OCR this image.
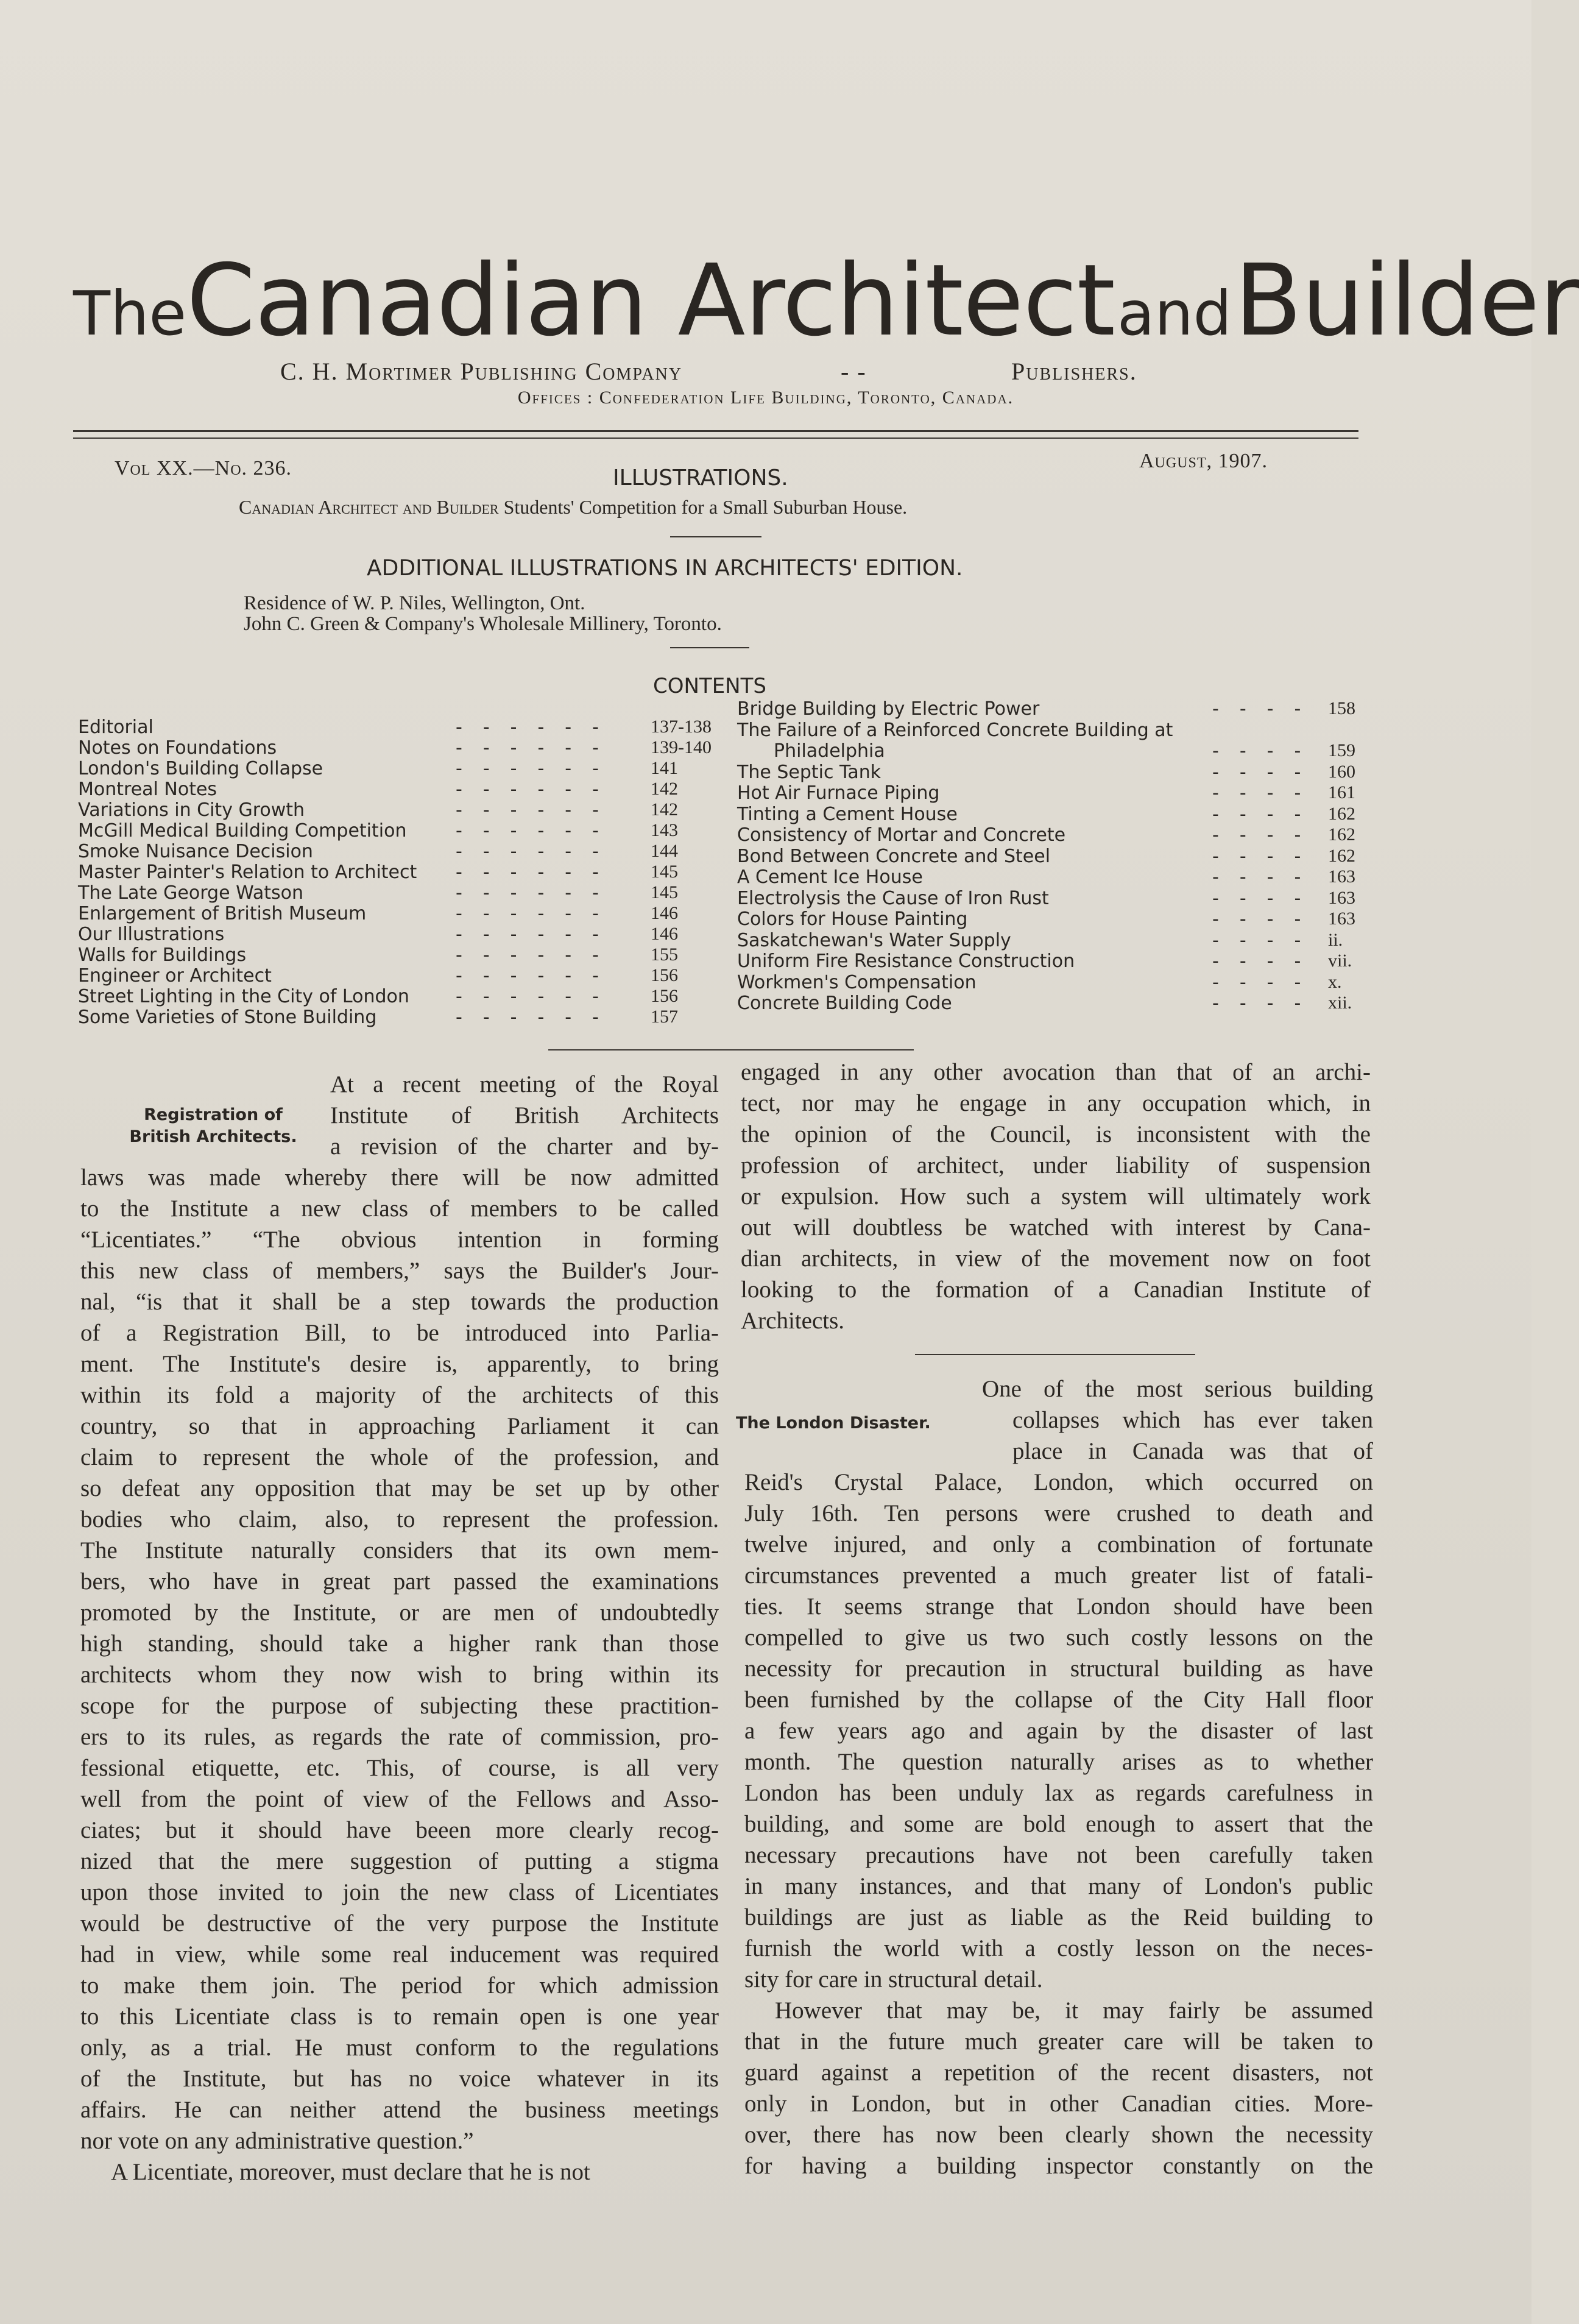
TheCanadian Architect and Builder
C. H. Mortimer Publishing Company	- -	Publishers.
Offices : Confederation Life Building, Toronto, Canada.
Vol XX.—No. 236.	August, 1907.
ILLUSTRATIONS.
Canadian Architect and Builder Students' Competition for a Small Suburban House.
ADDITIONAL ILLUSTRATIONS IN ARCHITECTS' EDITION.
Residence of W. P. Niles, Wellington, Ont.
John C. Green & Company's Wholesale Millinery, Toronto.
CONTENTS
Editorial	------ 137-138
Notes on Foundations	------ 139-140
London's Building Collapse	------ 141
Montreal Notes	------ 142
Variations in City Growth	------ 142
McGill Medical Building Competition	------ 143
Smoke Nuisance Decision	------ 144
Master Painter's Relation to Architect ------ 145
The Late George Watson	------ 145
Enlargement of British Museum	------ 146
Our Illustrations	------ 146
Walls for Buildings	------ 155
Engineer or Architect	------ 156
Street Lighting in the City of London	------ 156
Some Varieties of Stone Building	------ 157
Bridge Building by Electric Power	---- 158
The Failure of a Reinforced Concrete Building at
Philadelphia	---- 159
The Septic Tank	---- 160
Hot Air Furnace Piping	---- 161
Tinting a Cement House	---- 162
Consistency of Mortar and Concrete	---- 162
Bond Between Concrete and Steel	---- 162
A Cement Ice House	---- 163
Electrolysis the Cause of Iron Rust	---- 163
Colors for House Painting	---- 163
Saskatchewan's Water Supply	---- ii.
Uniform Fire Resistance Construction	---- vii.
Workmen's Compensation	---- x.
Concrete Building Code	---- xii.
Registration of
British Architects.
At a recent meeting of the Royal
Institute of British Architects
a revision of the charter and by-
laws was made whereby there will be now admitted
to the Institute a new class of members to be called
“Licentiates.” “The obvious intention in forming
this new class of members,” says the Builder's Jour-
nal, “is that it shall be a step towards the production
of a Registration Bill, to be introduced into Parlia-
ment. The Institute's desire is, apparently, to bring
within its fold a majority of the architects of this
country, so that in approaching Parliament it can
claim to represent the whole of the profession, and
so defeat any opposition that may be set up by other
bodies who claim, also, to represent the profession.
The Institute naturally considers that its own mem-
bers, who have in great part passed the examinations
promoted by the Institute, or are men of undoubtedly
high standing, should take a higher rank than those
architects whom they now wish to bring within its
scope for the purpose of subjecting these practition-
ers to its rules, as regards the rate of commission, pro-
fessional etiquette, etc. This, of course, is all very
well from the point of view of the Fellows and Asso-
ciates; but it should have beeen more clearly recog-
nized that the mere suggestion of putting a stigma
upon those invited to join the new class of Licentiates
would be destructive of the very purpose the Institute
had in view, while some real inducement was required
to make them join. The period for which admission
to this Licentiate class is to remain open is one year
only, as a trial. He must conform to the regulations
of the Institute, but has no voice whatever in its
affairs. He can neither attend the business meetings
nor vote on any administrative question.”
A Licentiate, moreover, must declare that he is not
engaged in any other avocation than that of an archi-
tect, nor may he engage in any occupation which, in
the opinion of the Council, is inconsistent with the
profession of architect, under liability of suspension
or expulsion. How such a system will ultimately work
out will doubtless be watched with interest by Cana-
dian architects, in view of the movement now on foot
looking to the formation of a Canadian Institute of
Architects.
The London Disaster.
One of the most serious building
collapses which has ever taken
place in Canada was that of
Reid's Crystal Palace, London, which occurred on
July 16th. Ten persons were crushed to death and
twelve injured, and only a combination of fortunate
circumstances prevented a much greater list of fatali-
ties. It seems strange that London should have been
compelled to give us two such costly lessons on the
necessity for precaution in structural building as have
been furnished by the collapse of the City Hall floor
a few years ago and again by the disaster of last
month. The question naturally arises as to whether
London has been unduly lax as regards carefulness in
building, and some are bold enough to assert that the
necessary precautions have not been carefully taken
in many instances, and that many of London's public
buildings are just as liable as the Reid building to
furnish the world with a costly lesson on the neces-
sity for care in structural detail.
However that may be, it may fairly be assumed
that in the future much greater care will be taken to
guard against a repetition of the recent disasters, not
only in London, but in other Canadian cities. More-
over, there has now been clearly shown the necessity
for having a building inspector constantly on the
